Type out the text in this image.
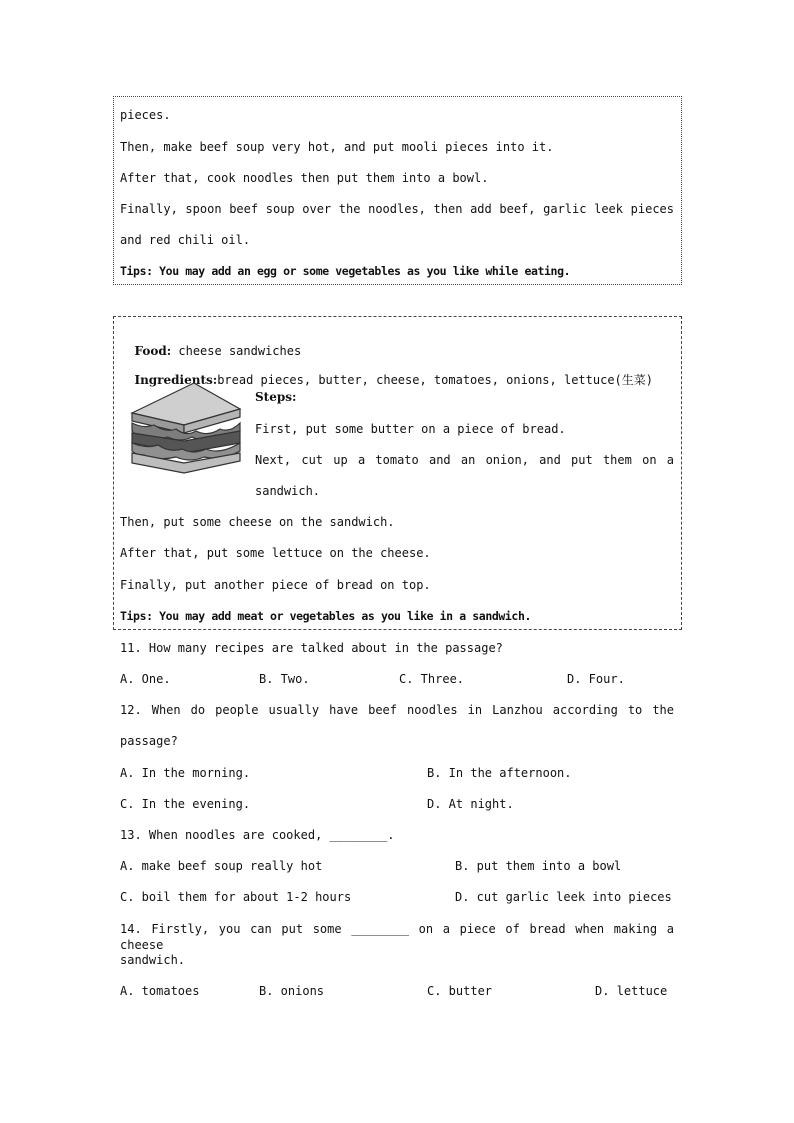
pieces.
Then, make beef soup very hot, and put mooli pieces into it.
After that, cook noodles then put them into a bowl.
Finally, spoon beef soup over the noodles, then add beef, garlic leek pieces
and red chili oil.
Tips: You may add an egg or some vegetables as you like while eating.

Food: cheese sandwiches

Ingredients:bread pieces, butter, cheese, tomatoes, onions, lettuce(生菜)

Steps:
First, put some butter on a piece of bread.
Next, cut up a tomato and an onion, and put them on a
sandwich.
Then, put some cheese on the sandwich.
After that, put some lettuce on the cheese.
Finally, put another piece of bread on top.
Tips: You may add meat or vegetables as you like in a sandwich.
11. How many recipes are talked about in the passage?
A. One.	B. Two.	C. Three.	D. Four.
12. When do people usually have beef noodles in Lanzhou according to the
passage?
A. In the morning.	B. In the afternoon.
C. In the evening.	D. At night.
13. When noodles are cooked, ________.
A. make beef soup really hot	B. put them into a bowl
C. boil them for about 1-2 hours	D. cut garlic leek into pieces
14. Firstly, you can put some ________ on a piece of bread when making a cheese
sandwich.
A. tomatoes	B. onions	C. butter	D. lettuce
